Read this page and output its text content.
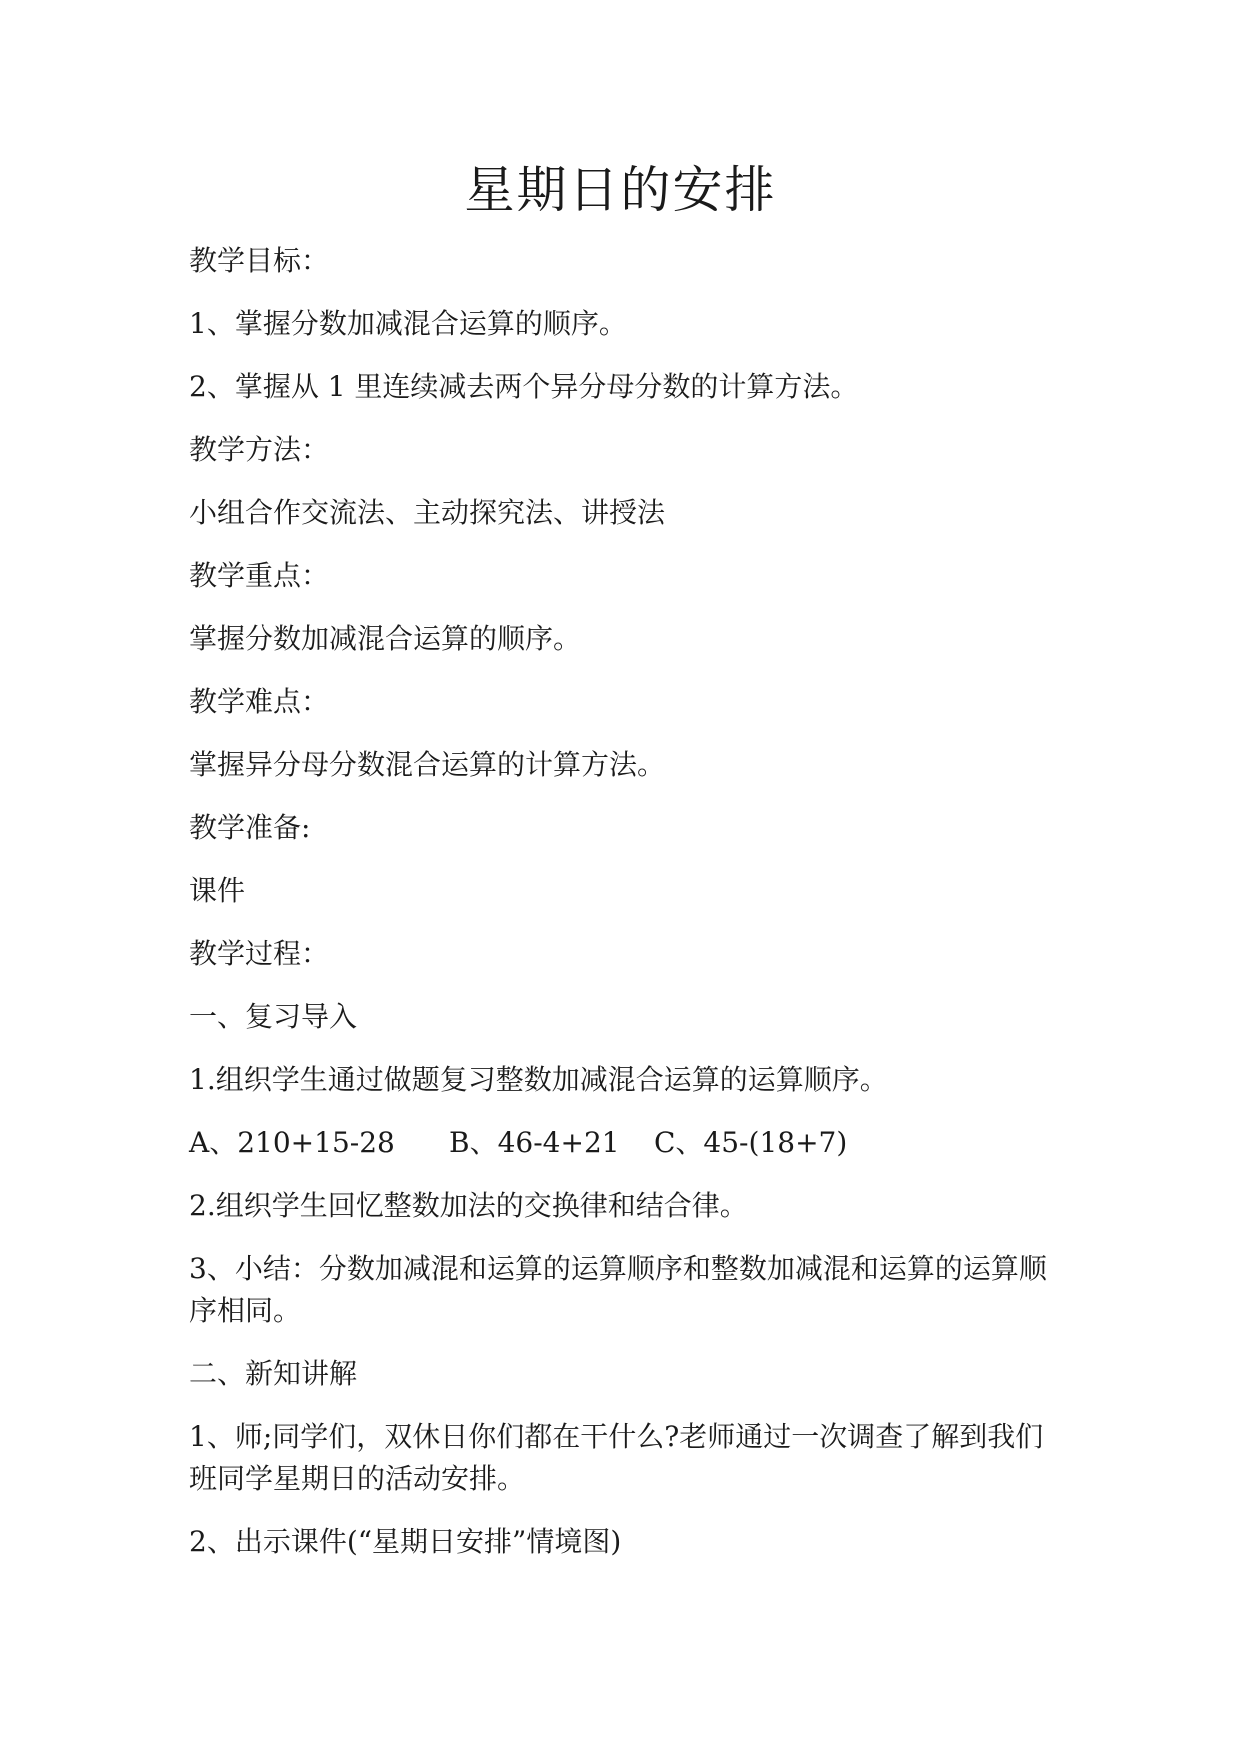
星期日的安排

教学目标：

1、掌握分数加减混合运算的顺序。

2、掌握从 1 里连续减去两个异分母分数的计算方法。

教学方法：

小组合作交流法、主动探究法、讲授法

教学重点：

掌握分数加减混合运算的顺序。

教学难点：

掌握异分母分数混合运算的计算方法。

教学准备:

课件

教学过程：

一、复习导入

1.组织学生通过做题复习整数加减混合运算的运算顺序。

A、210+15-28 B、46-4+21 C、45-(18+7)

2.组织学生回忆整数加法的交换律和结合律。

3、小结：分数加减混和运算的运算顺序和整数加减混和运算的运算顺序相同。

二、新知讲解

1、师;同学们，双休日你们都在干什么?老师通过一次调查了解到我们班同学星期日的活动安排。

2、出示课件(“星期日安排”情境图)
